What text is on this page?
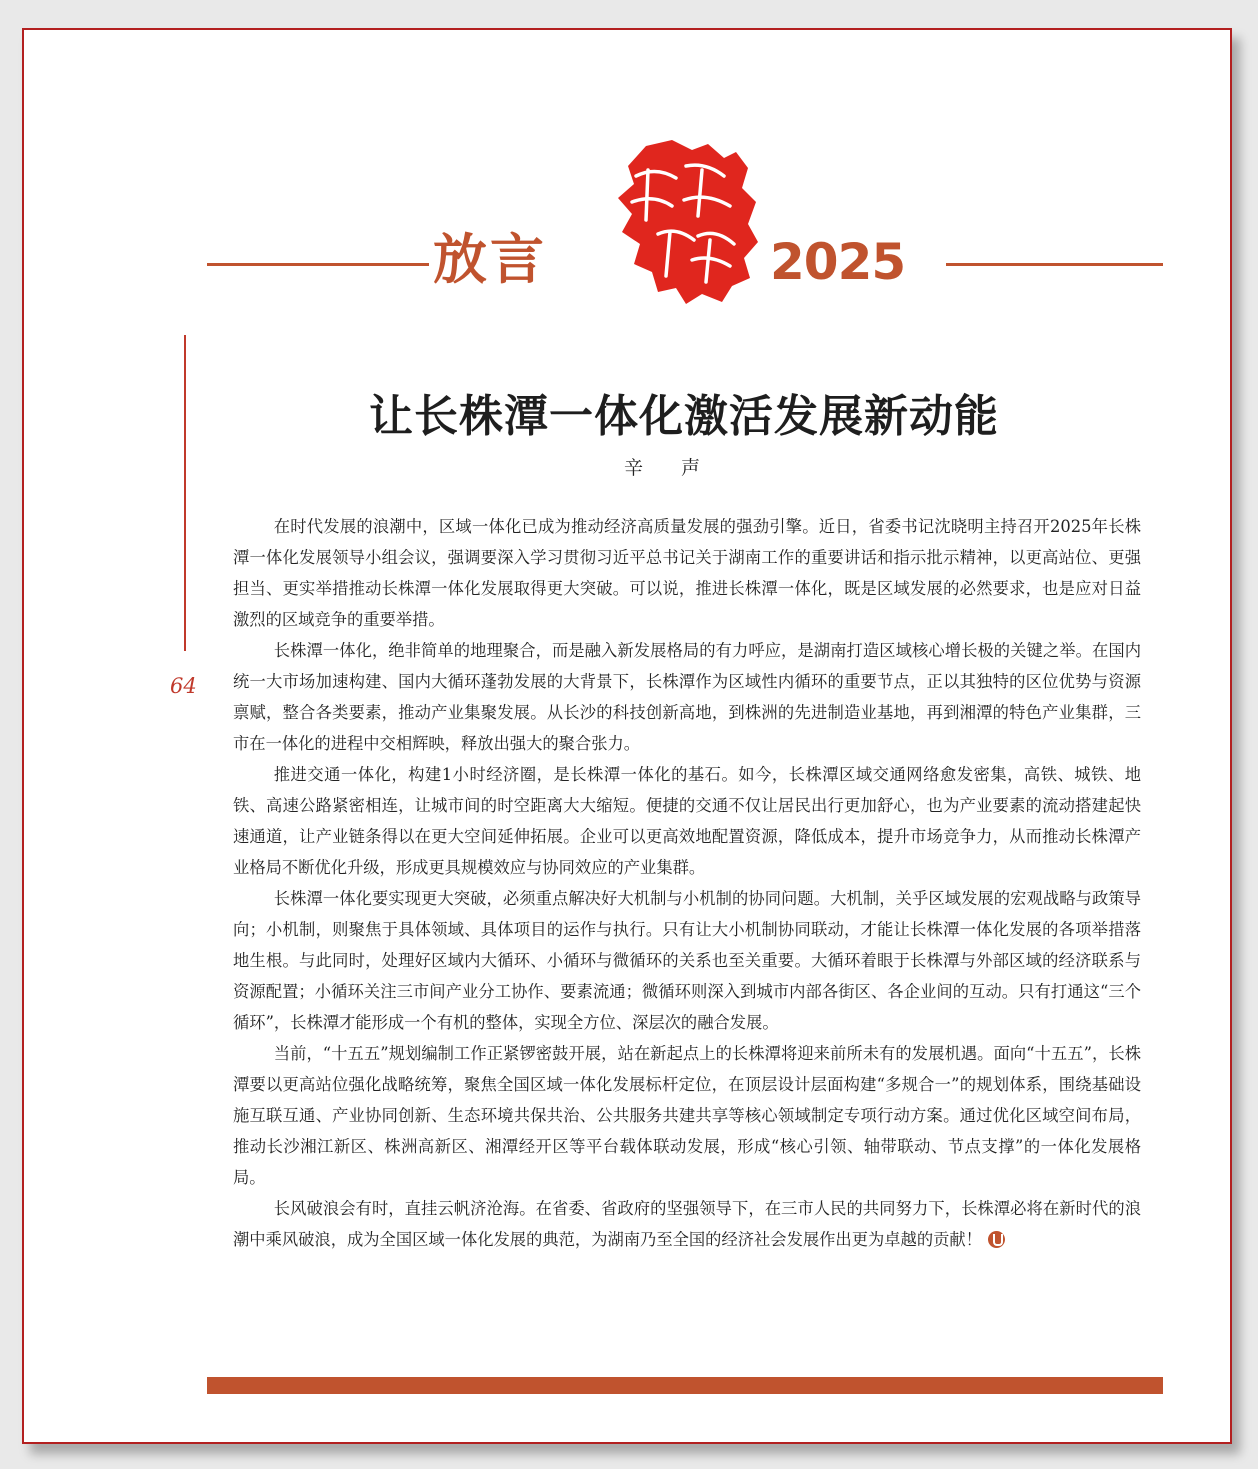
放言	2025
64
让长株潭一体化激活发展新动能
辛 声

在时代发展的浪潮中，区域一体化已成为推动经济高质量发展的强劲引擎。近日，省委书记沈晓明主持召开2025年长株潭一体化发展领导小组会议，强调要深入学习贯彻习近平总书记关于湖南工作的重要讲话和指示批示精神，以更高站位、更强担当、更实举措推动长株潭一体化发展取得更大突破。可以说，推进长株潭一体化，既是区域发展的必然要求，也是应对日益激烈的区域竞争的重要举措。

长株潭一体化，绝非简单的地理聚合，而是融入新发展格局的有力呼应，是湖南打造区域核心增长极的关键之举。在国内统一大市场加速构建、国内大循环蓬勃发展的大背景下，长株潭作为区域性内循环的重要节点，正以其独特的区位优势与资源禀赋，整合各类要素，推动产业集聚发展。从长沙的科技创新高地，到株洲的先进制造业基地，再到湘潭的特色产业集群，三市在一体化的进程中交相辉映，释放出强大的聚合张力。

推进交通一体化，构建1小时经济圈，是长株潭一体化的基石。如今，长株潭区域交通网络愈发密集，高铁、城铁、地铁、高速公路紧密相连，让城市间的时空距离大大缩短。便捷的交通不仅让居民出行更加舒心，也为产业要素的流动搭建起快速通道，让产业链条得以在更大空间延伸拓展。企业可以更高效地配置资源，降低成本，提升市场竞争力，从而推动长株潭产业格局不断优化升级，形成更具规模效应与协同效应的产业集群。

长株潭一体化要实现更大突破，必须重点解决好大机制与小机制的协同问题。大机制，关乎区域发展的宏观战略与政策导向；小机制，则聚焦于具体领域、具体项目的运作与执行。只有让大小机制协同联动，才能让长株潭一体化发展的各项举措落地生根。与此同时，处理好区域内大循环、小循环与微循环的关系也至关重要。大循环着眼于长株潭与外部区域的经济联系与资源配置；小循环关注三市间产业分工协作、要素流通；微循环则深入到城市内部各街区、各企业间的互动。只有打通这“三个循环”，长株潭才能形成一个有机的整体，实现全方位、深层次的融合发展。

当前，“十五五”规划编制工作正紧锣密鼓开展，站在新起点上的长株潭将迎来前所未有的发展机遇。面向“十五五”，长株潭要以更高站位强化战略统筹，聚焦全国区域一体化发展标杆定位，在顶层设计层面构建“多规合一”的规划体系，围绕基础设施互联互通、产业协同创新、生态环境共保共治、公共服务共建共享等核心领域制定专项行动方案。通过优化区域空间布局，推动长沙湘江新区、株洲高新区、湘潭经开区等平台载体联动发展，形成“核心引领、轴带联动、节点支撑”的一体化发展格局。

长风破浪会有时，直挂云帆济沧海。在省委、省政府的坚强领导下，在三市人民的共同努力下，长株潭必将在新时代的浪潮中乘风破浪，成为全国区域一体化发展的典范，为湖南乃至全国的经济社会发展作出更为卓越的贡献！
